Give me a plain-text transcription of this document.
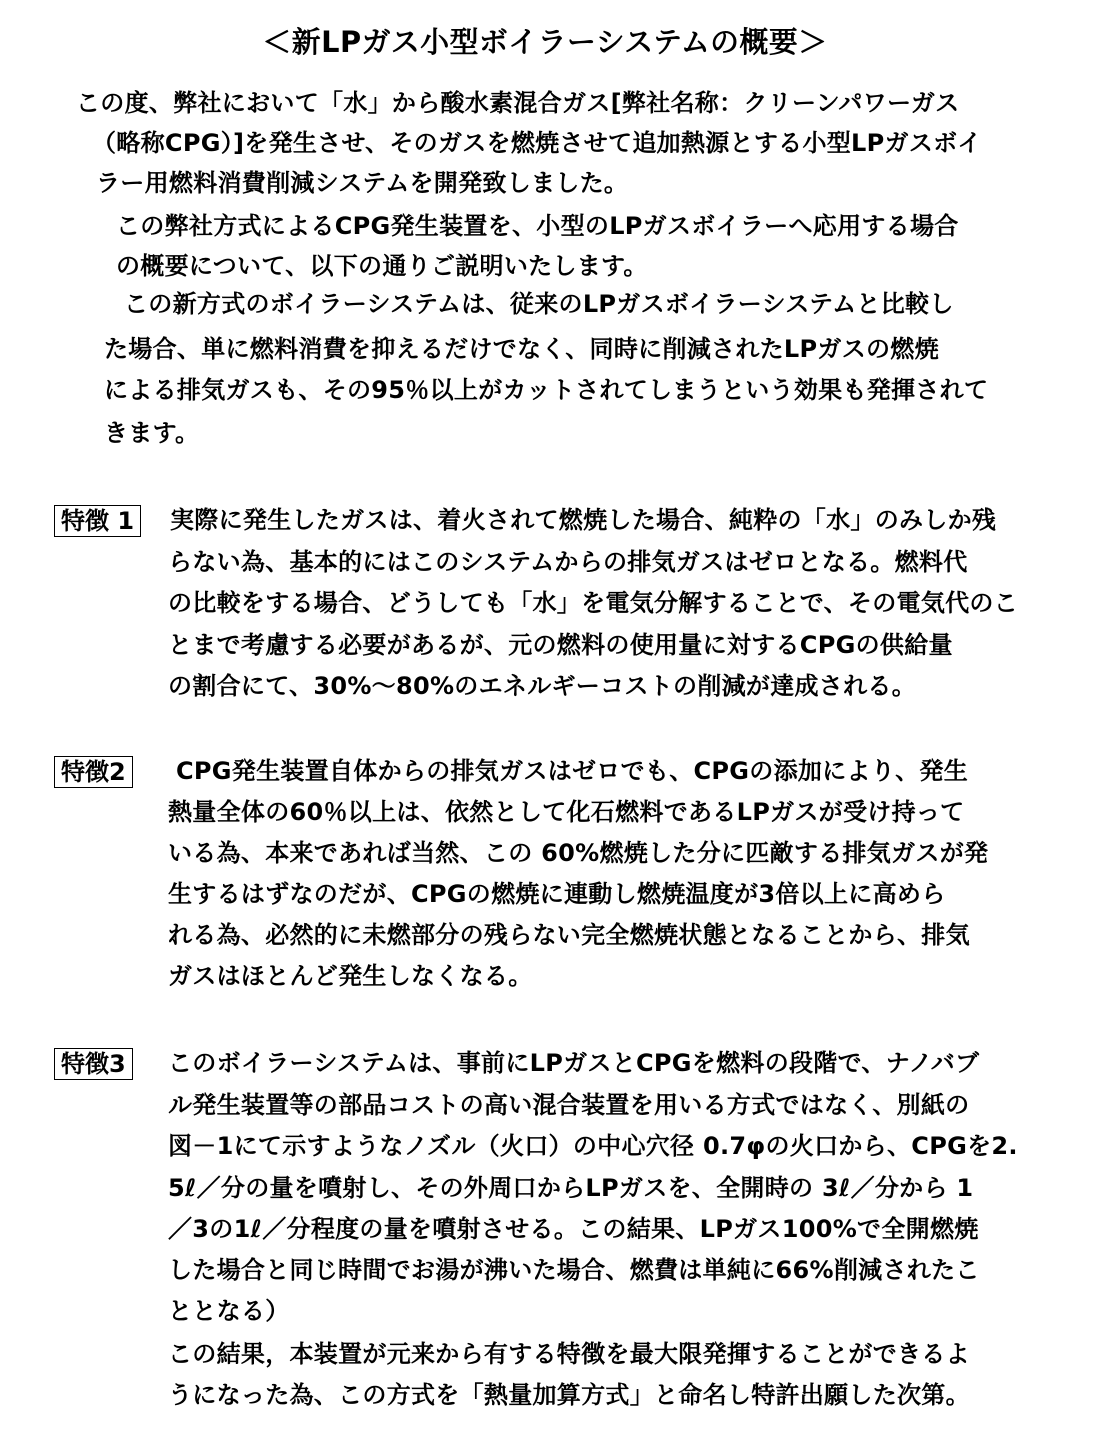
＜新LPガス小型ボイラーシステムの概要＞
この度、弊社において「水」から酸水素混合ガス[弊社名称：クリーンパワーガス
（略称CPG）]を発生させ、そのガスを燃焼させて追加熱源とする小型LPガスボイ
ラー用燃料消費削減システムを開発致しました。
この弊社方式によるCPG発生装置を、小型のLPガスボイラーへ応用する場合
の概要について、以下の通りご説明いたします。
この新方式のボイラーシステムは、従来のLPガスボイラーシステムと比較し
た場合、単に燃料消費を抑えるだけでなく、同時に削減されたLPガスの燃焼
による排気ガスも、その95％以上がカットされてしまうという効果も発揮されて
きます。
特徴 1 実際に発生したガスは、着火されて燃焼した場合、純粋の「水」のみしか残
らない為、基本的にはこのシステムからの排気ガスはゼロとなる。燃料代
の比較をする場合、どうしても「水」を電気分解することで、その電気代のこ
とまで考慮する必要があるが、元の燃料の使用量に対するCPGの供給量
の割合にて、30%～80%のエネルギーコストの削減が達成される。
特徴2 CPG発生装置自体からの排気ガスはゼロでも、CPGの添加により、発生
熱量全体の60％以上は、依然として化石燃料であるLPガスが受け持って
いる為、本来であれば当然、この 60%燃焼した分に匹敵する排気ガスが発
生するはずなのだが、CPGの燃焼に連動し燃焼温度が3倍以上に高めら
れる為、必然的に未燃部分の残らない完全燃焼状態となることから、排気
ガスはほとんど発生しなくなる。
特徴3 このボイラーシステムは、事前にLPガスとCPGを燃料の段階で、ナノバブ
ル発生装置等の部品コストの高い混合装置を用いる方式ではなく、別紙の
図－1にて示すようなノズル（火口）の中心穴径 0.7φの火口から、CPGを2.
5ℓ／分の量を噴射し、その外周口からLPガスを、全開時の 3ℓ／分から 1
／3の1ℓ／分程度の量を噴射させる。この結果、LPガス100%で全開燃焼
した場合と同じ時間でお湯が沸いた場合、燃費は単純に66%削減されたこ
ととなる）
この結果，本装置が元来から有する特徴を最大限発揮することができるよ
うになった為、この方式を「熱量加算方式」と命名し特許出願した次第。
